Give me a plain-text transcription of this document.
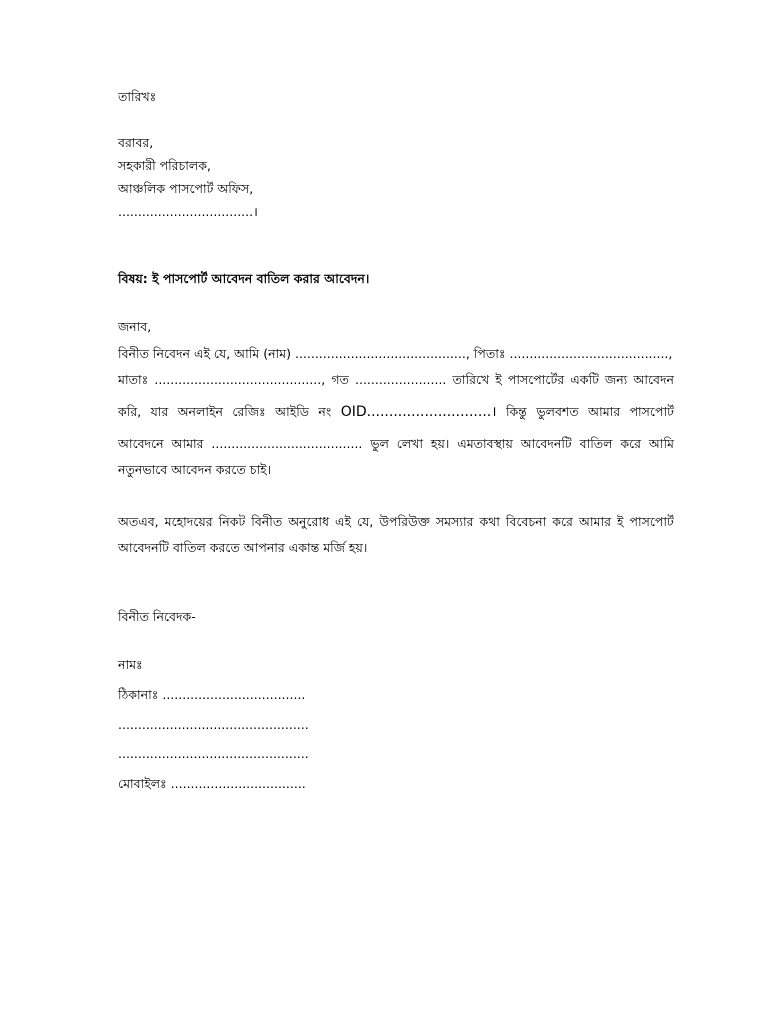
তারিখঃ
বরাবর,
সহকারী পরিচালক,
আঞ্চলিক পাসপোর্ট অফিস,
..................................।
বিষয়: ই পাসপোর্ট আবেদন বাতিল করার আবেদন।
জনাব,
বিনীত নিবেদন এই যে, আমি (নাম) ..........................................., পিতাঃ ........................................,
মাতাঃ .........................................., গত ....................... তারিখে ই পাসপোর্টের একটি জন্য আবেদন
করি, যার অনলাইন রেজিঃ আইডি নং OID............................। কিন্তু ভুলবশত আমার পাসপোর্ট
আবেদনে আমার ...................................... ভুল লেখা হয়। এমতাবস্থায় আবেদনটি বাতিল করে আমি
নতুনভাবে আবেদন করতে চাই।
অতএব, মহোদয়ের নিকট বিনীত অনুরোধ এই যে, উপরিউক্ত সমস্যার কথা বিবেচনা করে আমার ই পাসপোর্ট
আবেদনটি বাতিল করতে আপনার একান্ত মর্জি হয়।
বিনীত নিবেদক-
নামঃ
ঠিকানাঃ ....................................
................................................
................................................
মোবাইলঃ ..................................
